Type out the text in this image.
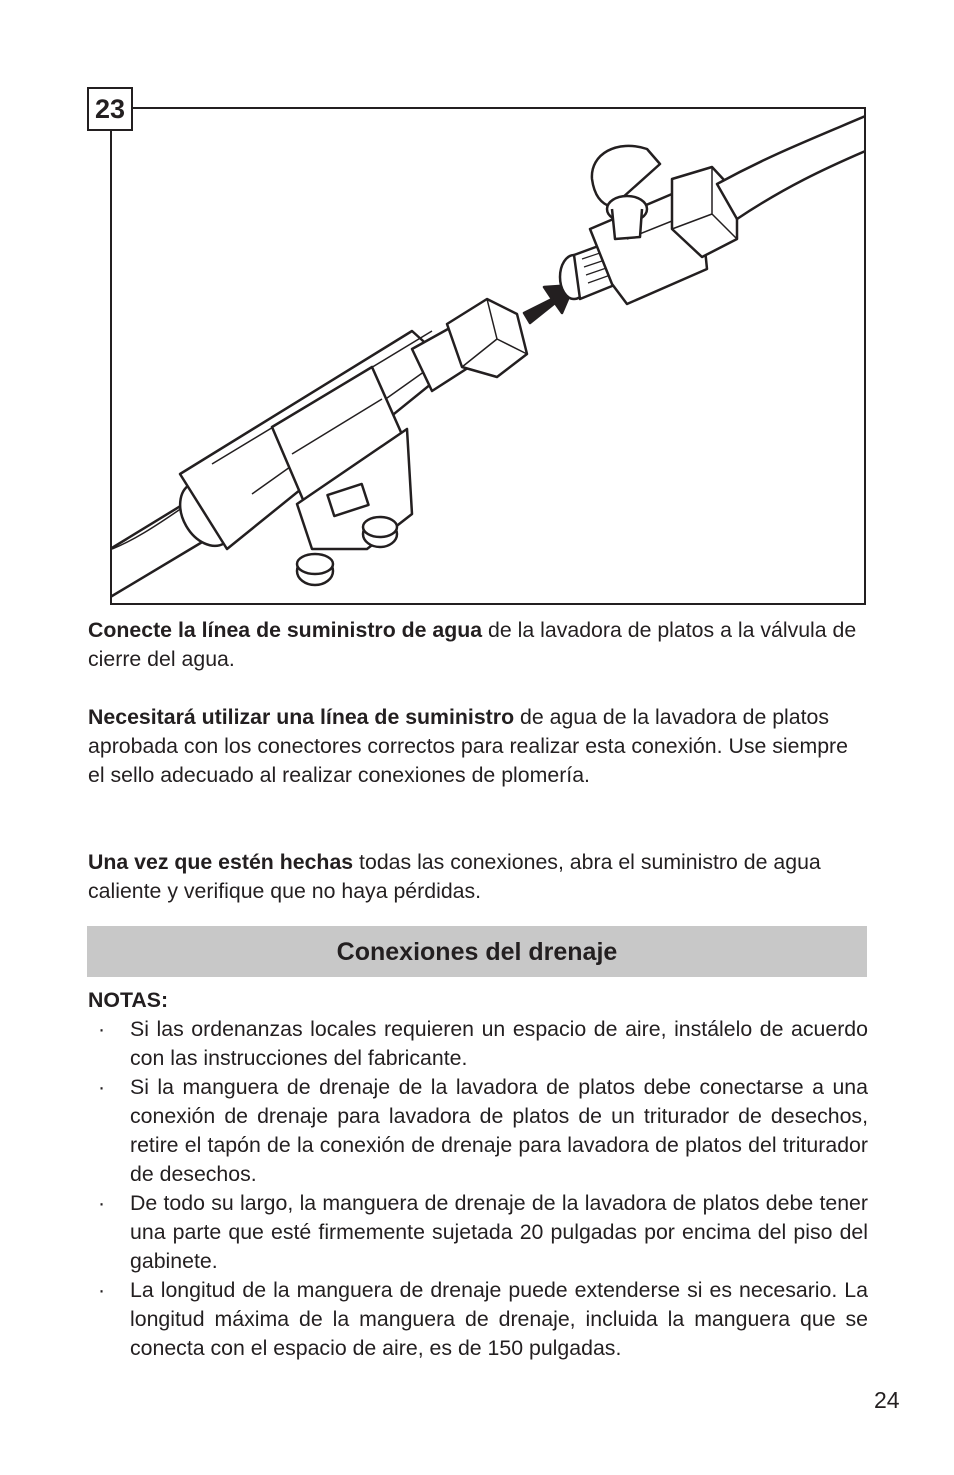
23

Conecte la línea de suministro de agua de la lavadora de platos a la válvula de cierre del agua.

Necesitará utilizar una línea de suministro de agua de la lavadora de platos aprobada con los conectores correctos para realizar esta conexión. Use siempre el sello adecuado al realizar conexiones de plomería.

Una vez que estén hechas todas las conexiones, abra el suministro de agua caliente y verifique que no haya pérdidas.

Conexiones del drenaje
NOTAS:
· Si las ordenanzas locales requieren un espacio de aire, instálelo de acuerdo con las instrucciones del fabricante.
· Si la manguera de drenaje de la lavadora de platos debe conectarse a una conexión de drenaje para lavadora de platos de un triturador de desechos, retire el tapón de la conexión de drenaje para lavadora de platos del triturador de desechos.
· De todo su largo, la manguera de drenaje de la lavadora de platos debe tener una parte que esté firmemente sujetada 20 pulgadas por encima del piso del gabinete.
· La longitud de la manguera de drenaje puede extenderse si es necesario. La longitud máxima de la manguera de drenaje, incluida la manguera que se conecta con el espacio de aire, es de 150 pulgadas.
24
